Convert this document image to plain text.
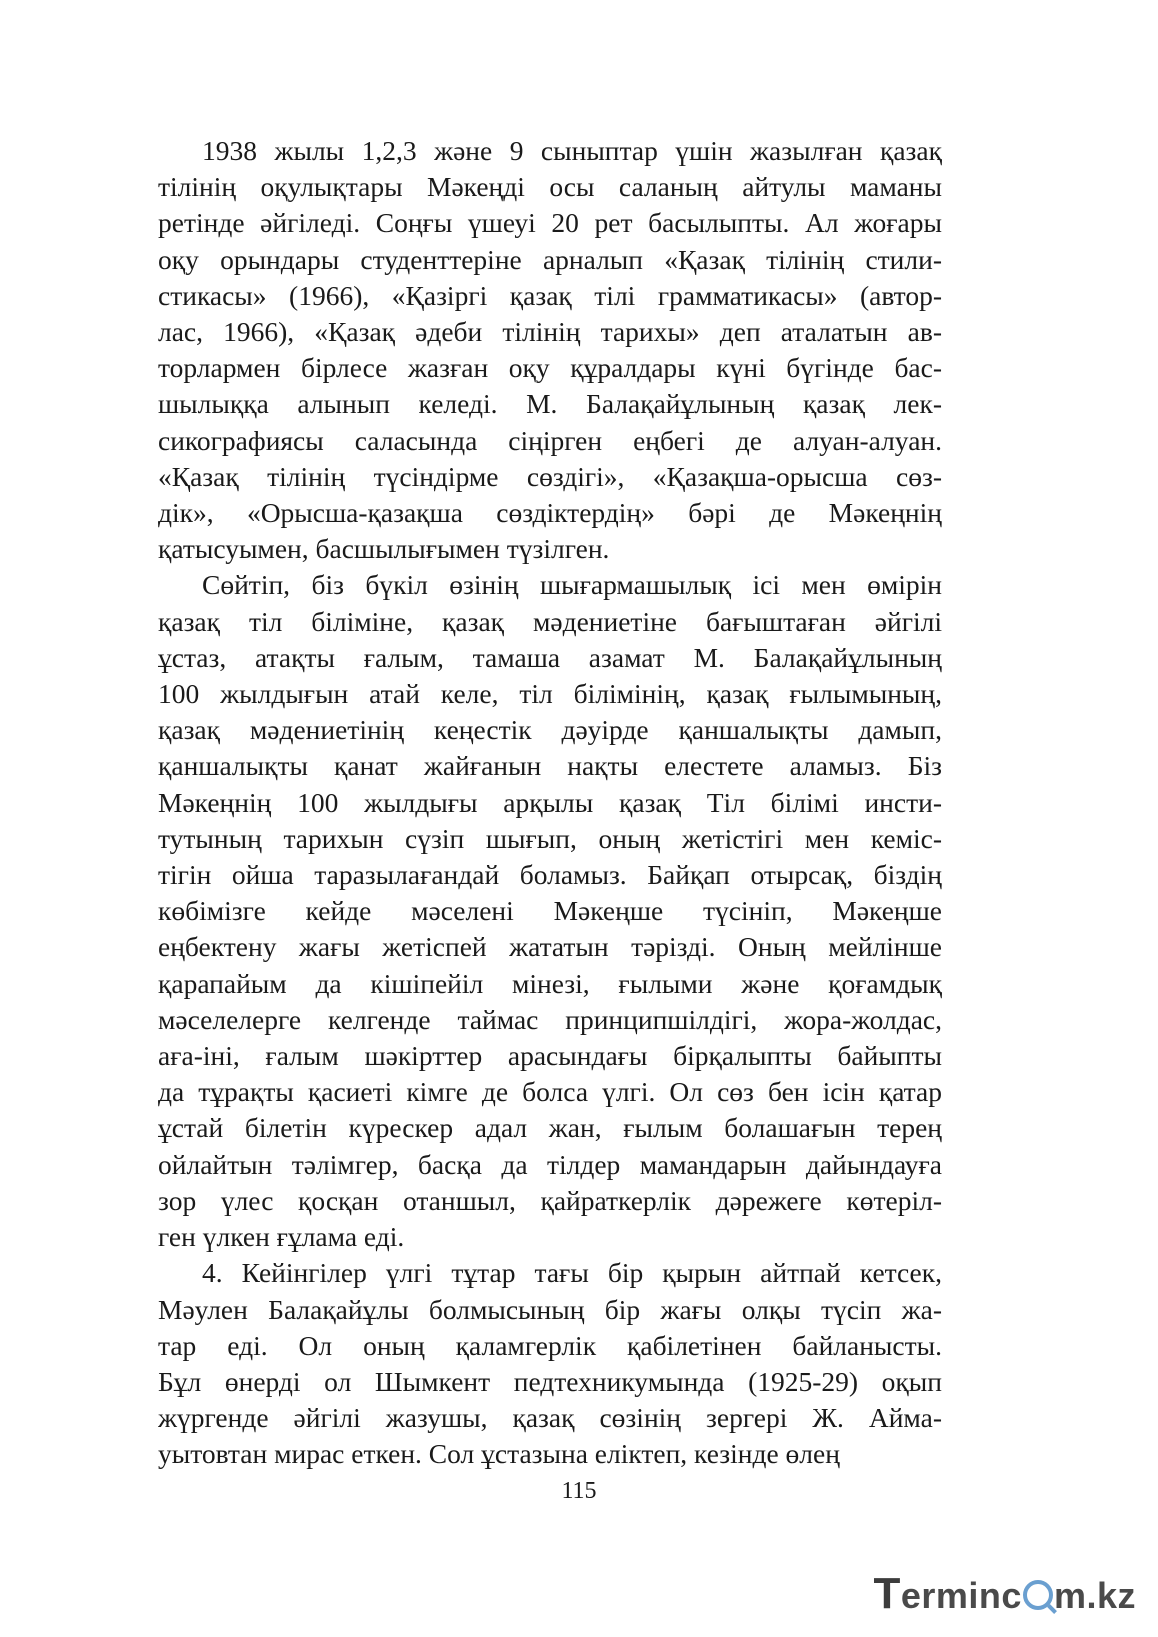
1938 жылы 1,2,3 және 9 сыныптар үшін жазылған қазақ
тілінің оқулықтары Мәкеңді осы саланың айтулы маманы
ретінде әйгіледі. Соңғы үшеуі 20 рет басылыпты. Ал жоғары
оқу орындары студенттеріне арналып «Қазақ тілінің стили-
стикасы» (1966), «Қазіргі қазақ тілі грамматикасы» (автор-
лас, 1966), «Қазақ әдеби тілінің тарихы» деп аталатын ав-
торлармен бірлесе жазған оқу құралдары күні бүгінде бас-
шылыққа алынып келеді. М. Балақайұлының қазақ лек-
сикографиясы саласында сіңірген еңбегі де алуан-алуан.
«Қазақ тілінің түсіндірме сөздігі», «Қазақша-орысша сөз-
дік», «Орысша-қазақша сөздіктердің» бәрі де Мәкеңнің
қатысуымен, басшылығымен түзілген.
Сөйтіп, біз бүкіл өзінің шығармашылық ісі мен өмірін
қазақ тіл біліміне, қазақ мәдениетіне бағыштаған әйгілі
ұстаз, атақты ғалым, тамаша азамат М. Балақайұлының
100 жылдығын атай келе, тіл білімінің, қазақ ғылымының,
қазақ мәдениетінің кеңестік дәуірде қаншалықты дамып,
қаншалықты қанат жайғанын нақты елестете аламыз. Біз
Мәкеңнің 100 жылдығы арқылы қазақ Тіл білімі инсти-
тутының тарихын сүзіп шығып, оның жетістігі мен кеміс-
тігін ойша таразылағандай боламыз. Байқап отырсақ, біздің
көбімізге кейде мәселені Мәкеңше түсініп, Мәкеңше
еңбектену жағы жетіспей жататын тәрізді. Оның мейлінше
қарапайым да кішіпейіл мінезі, ғылыми және қоғамдық
мәселелерге келгенде таймас принципшілдігі, жора-жолдас,
аға-іні, ғалым шәкірттер арасындағы бірқалыпты байыпты
да тұрақты қасиеті кімге де болса үлгі. Ол сөз бен ісін қатар
ұстай білетін күрескер адал жан, ғылым болашағын терең
ойлайтын тәлімгер, басқа да тілдер мамандарын дайындауға
зор үлес қосқан отаншыл, қайраткерлік дәрежеге көтеріл-
ген үлкен ғұлама еді.
4. Кейінгілер үлгі тұтар тағы бір қырын айтпай кетсек,
Мәулен Балақайұлы болмысының бір жағы олқы түсіп жа-
тар еді. Ол оның қаламгерлік қабілетінен байланысты.
Бұл өнерді ол Шымкент педтехникумында (1925-29) оқып
жүргенде әйгілі жазушы, қазақ сөзінің зергері Ж. Айма-
уытовтан мирас еткен. Сол ұстазына еліктеп, кезінде өлең
115
T erminc m.kz
